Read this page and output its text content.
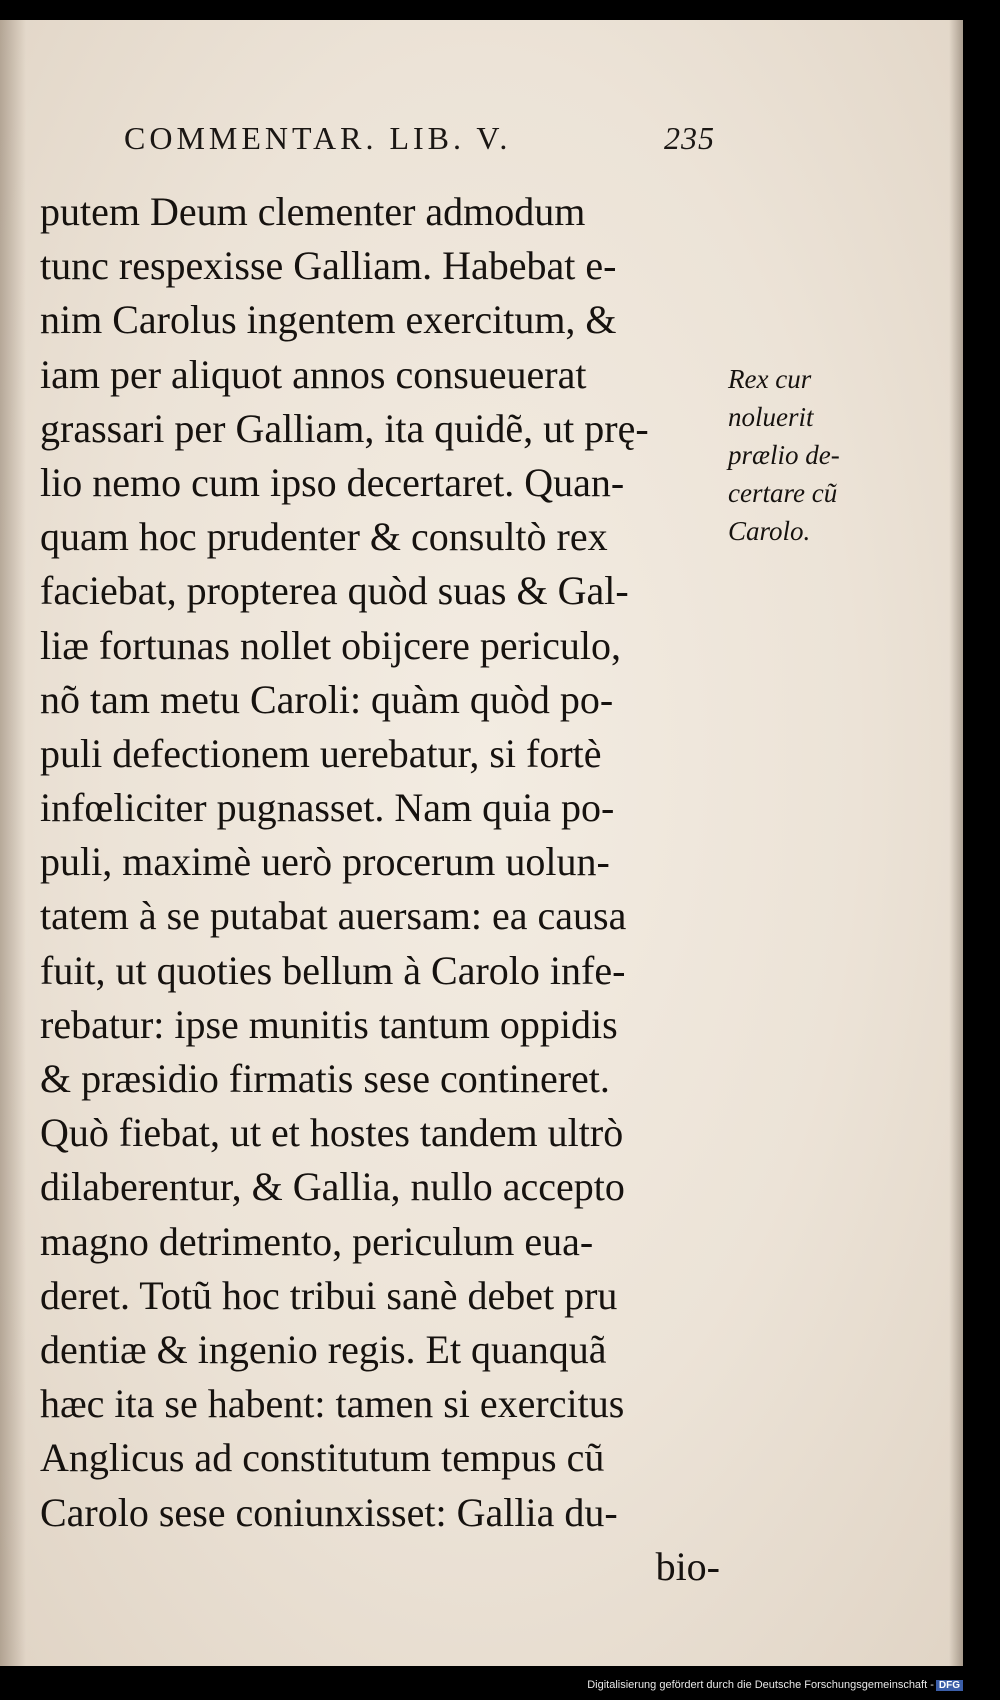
COMMENTAR. LIB. V.	235
putem Deum clementer admodum
tunc respexisse Galliam. Habebat e-
nim Carolus ingentem exercitum, &
iam per aliquot annos consueuerat
grassari per Galliam, ita quidẽ, ut prę-
lio nemo cum ipso decertaret. Quan-
quam hoc prudenter & consultò rex
faciebat, propterea quòd suas & Gal-
liæ fortunas nollet obijcere periculo,
nõ tam metu Caroli: quàm quòd po-
puli defectionem uerebatur, si fortè
infœliciter pugnasset. Nam quia po-
puli, maximè uerò procerum uolun-
tatem à se putabat auersam: ea causa
fuit, ut quoties bellum à Carolo infe-
rebatur: ipse munitis tantum oppidis
& præsidio firmatis sese contineret.
Quò fiebat, ut et hostes tandem ultrò
dilaberentur, & Gallia, nullo accepto
magno detrimento, periculum eua-
deret. Totũ hoc tribui sanè debet pru
dentiæ & ingenio regis. Et quanquã
hæc ita se habent: tamen si exercitus
Anglicus ad constitutum tempus cũ
Carolo sese coniunxisset: Gallia du-
bio-
Rex cur
noluerit
prælio de-
certare cũ
Carolo.
Digitalisierung gefördert durch die Deutsche Forschungsgemeinschaft - DFG
